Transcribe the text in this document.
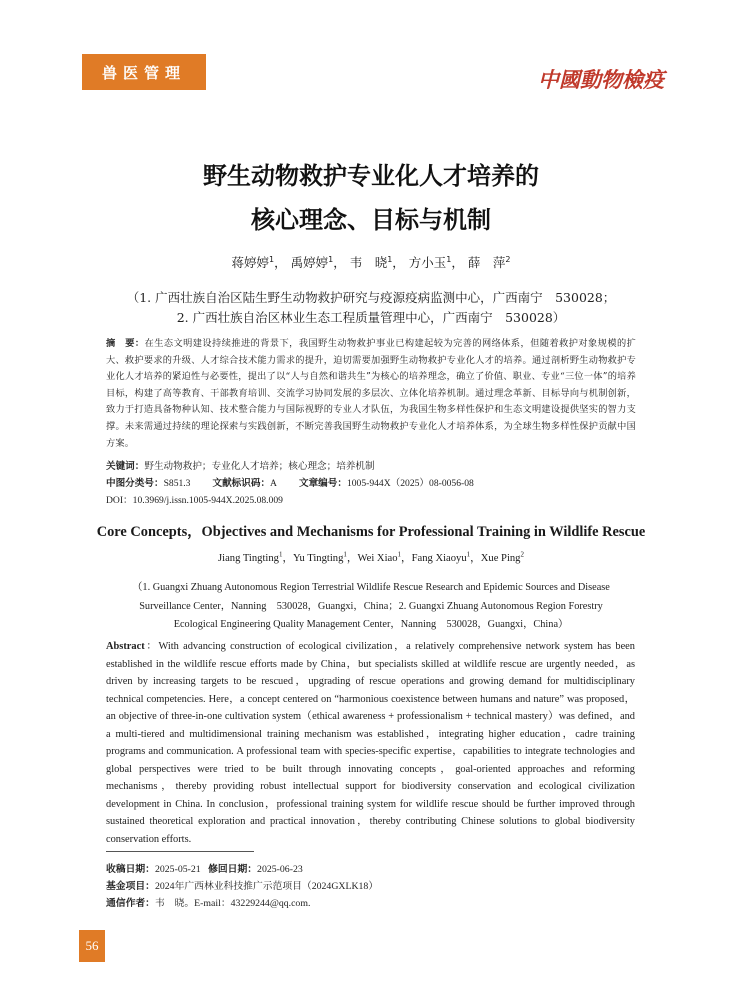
兽医管理	中國動物檢疫
野生动物救护专业化人才培养的
核心理念、目标与机制
蒋婷婷$^1$， 禹婷婷$^1$， 韦　晓$^1$， 方小玉$^1$， 薛　萍$^2$
（1. 广西壮族自治区陆生野生动物救护研究与疫源疫病监测中心，广西南宁　530028；
2. 广西壮族自治区林业生态工程质量管理中心，广西南宁　530028）
摘　要：在生态文明建设持续推进的背景下，我国野生动物救护事业已构建起较为完善的网络体系，但随着救护对象规模的扩大、救护要求的升级、人才综合技术能力需求的提升，迫切需要加强野生动物救护专业化人才的培养。通过剖析野生动物救护专业化人才培养的紧迫性与必要性，提出了以“人与自然和谐共生”为核心的培养理念，确立了价值、职业、专业“三位一体”的培养目标，构建了高等教育、干部教育培训、交流学习协同发展的多层次、立体化培养机制。通过理念革新、目标导向与机制创新，致力于打造具备物种认知、技术整合能力与国际视野的专业人才队伍，为我国生物多样性保护和生态文明建设提供坚实的智力支撑。未来需通过持续的理论探索与实践创新，不断完善我国野生动物救护专业化人才培养体系，为全球生物多样性保护贡献中国方案。
关键词：野生动物救护；专业化人才培养；核心理念；培养机制
中图分类号：S851.3 文献标识码：A 文章编号：1005-944X（2025）08-0056-08
DOI：10.3969/j.issn.1005-944X.2025.08.009
Core Concepts，Objectives and Mechanisms for Professional Training in Wildlife Rescue
Jiang Tingting$^1$，Yu Tingting$^1$，Wei Xiao$^1$，Fang Xiaoyu$^1$，Xue Ping$^2$
（1. Guangxi Zhuang Autonomous Region Terrestrial Wildlife Rescue Research and Epidemic Sources and Disease
Surveillance Center，Nanning　530028，Guangxi，China；2. Guangxi Zhuang Autonomous Region Forestry
Ecological Engineering Quality Management Center，Nanning　530028，Guangxi，China）
Abstract：With advancing construction of ecological civilization，a relatively comprehensive network system has been established in the wildlife rescue efforts made by China，but specialists skilled at wildlife rescue are urgently needed，as driven by increasing targets to be rescued，upgrading of rescue operations and growing demand for multidisciplinary technical competencies. Here，a concept centered on “harmonious coexistence between humans and nature” was proposed，an objective of three-in-one cultivation system（ethical awareness + professionalism + technical mastery）was defined，and a multi-tiered and multidimensional training mechanism was established，integrating higher education，cadre training programs and communication. A professional team with species-specific expertise，capabilities to integrate technologies and global perspectives were tried to be built through innovating concepts，goal-oriented approaches and reforming mechanisms，thereby providing robust intellectual support for biodiversity conservation and ecological civilization development in China. In conclusion，professional training system for wildlife rescue should be further improved through sustained theoretical exploration and practical innovation，thereby contributing Chinese solutions to global biodiversity conservation efforts.
收稿日期：2025-05-21 修回日期：2025-06-23
基金项目：2024年广西林业科技推广示范项目（2024GXLK18）
通信作者：韦　晓。E-mail：43229244@qq.com.
56
